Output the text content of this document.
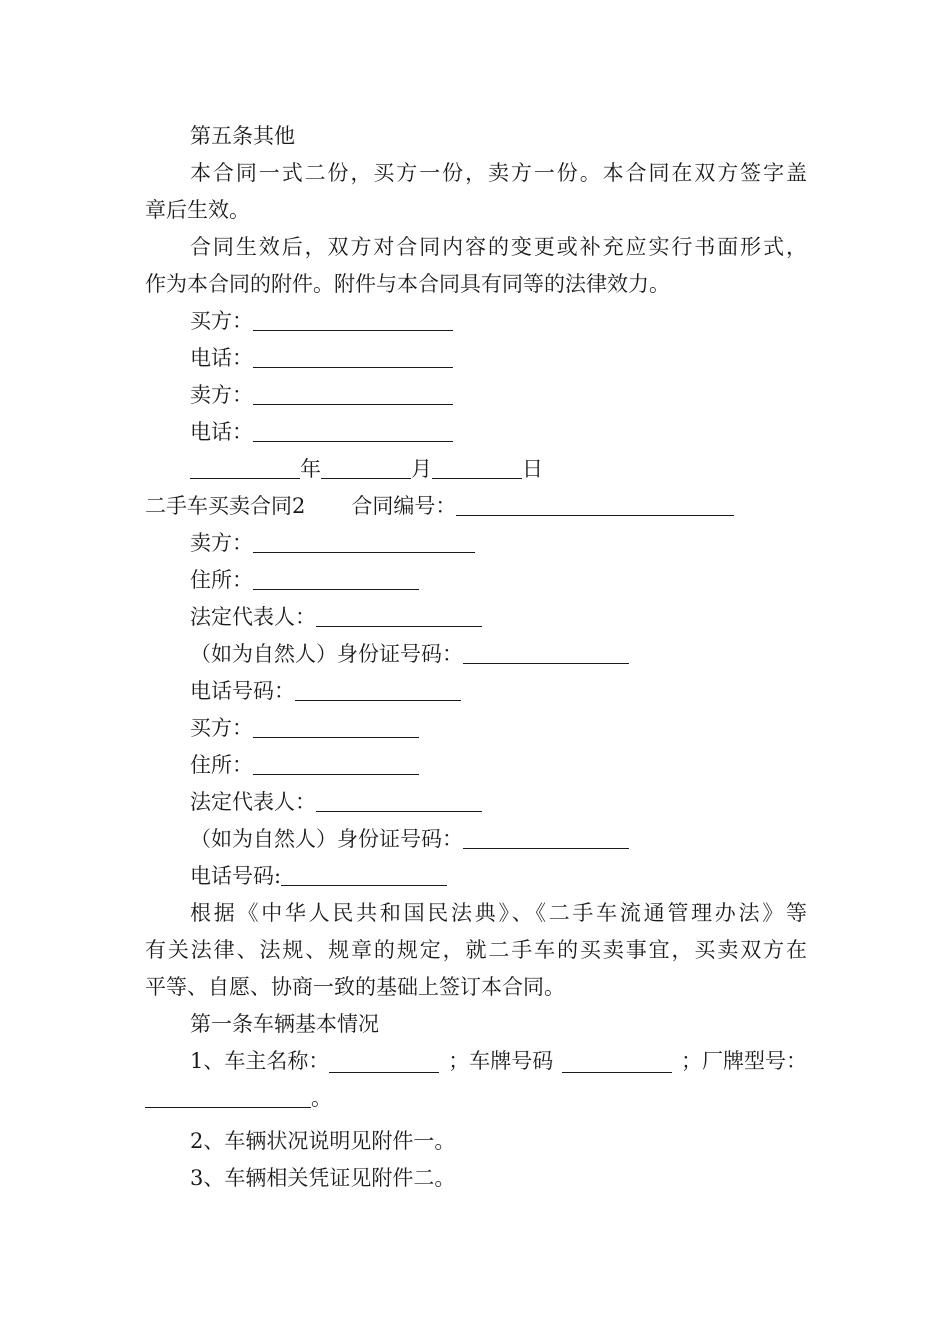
第五条其他
本合同一式二份，买方一份，卖方一份。本合同在双方签字盖
章后生效。
合同生效后，双方对合同内容的变更或补充应实行书面形式，
作为本合同的附件。附件与本合同具有同等的法律效力。
买方：
电话：
卖方：
电话：
年	月	日
二手车买卖合同2 合同编号：
卖方：
住所：
法定代表人：
（如为自然人）身份证号码：
电话号码：
买方：
住所：
法定代表人：
（如为自然人）身份证号码：
电话号码:
根据《中华人民共和国民法典》、《二手车流通管理办法》等
有关法律、法规、规章的规定，就二手车的买卖事宜，买卖双方在
平等、自愿、协商一致的基础上签订本合同。
第一条车辆基本情况
1、车主名称：	；车牌号码	；厂牌型号：
。
2、车辆状况说明见附件一。
3、车辆相关凭证见附件二。
